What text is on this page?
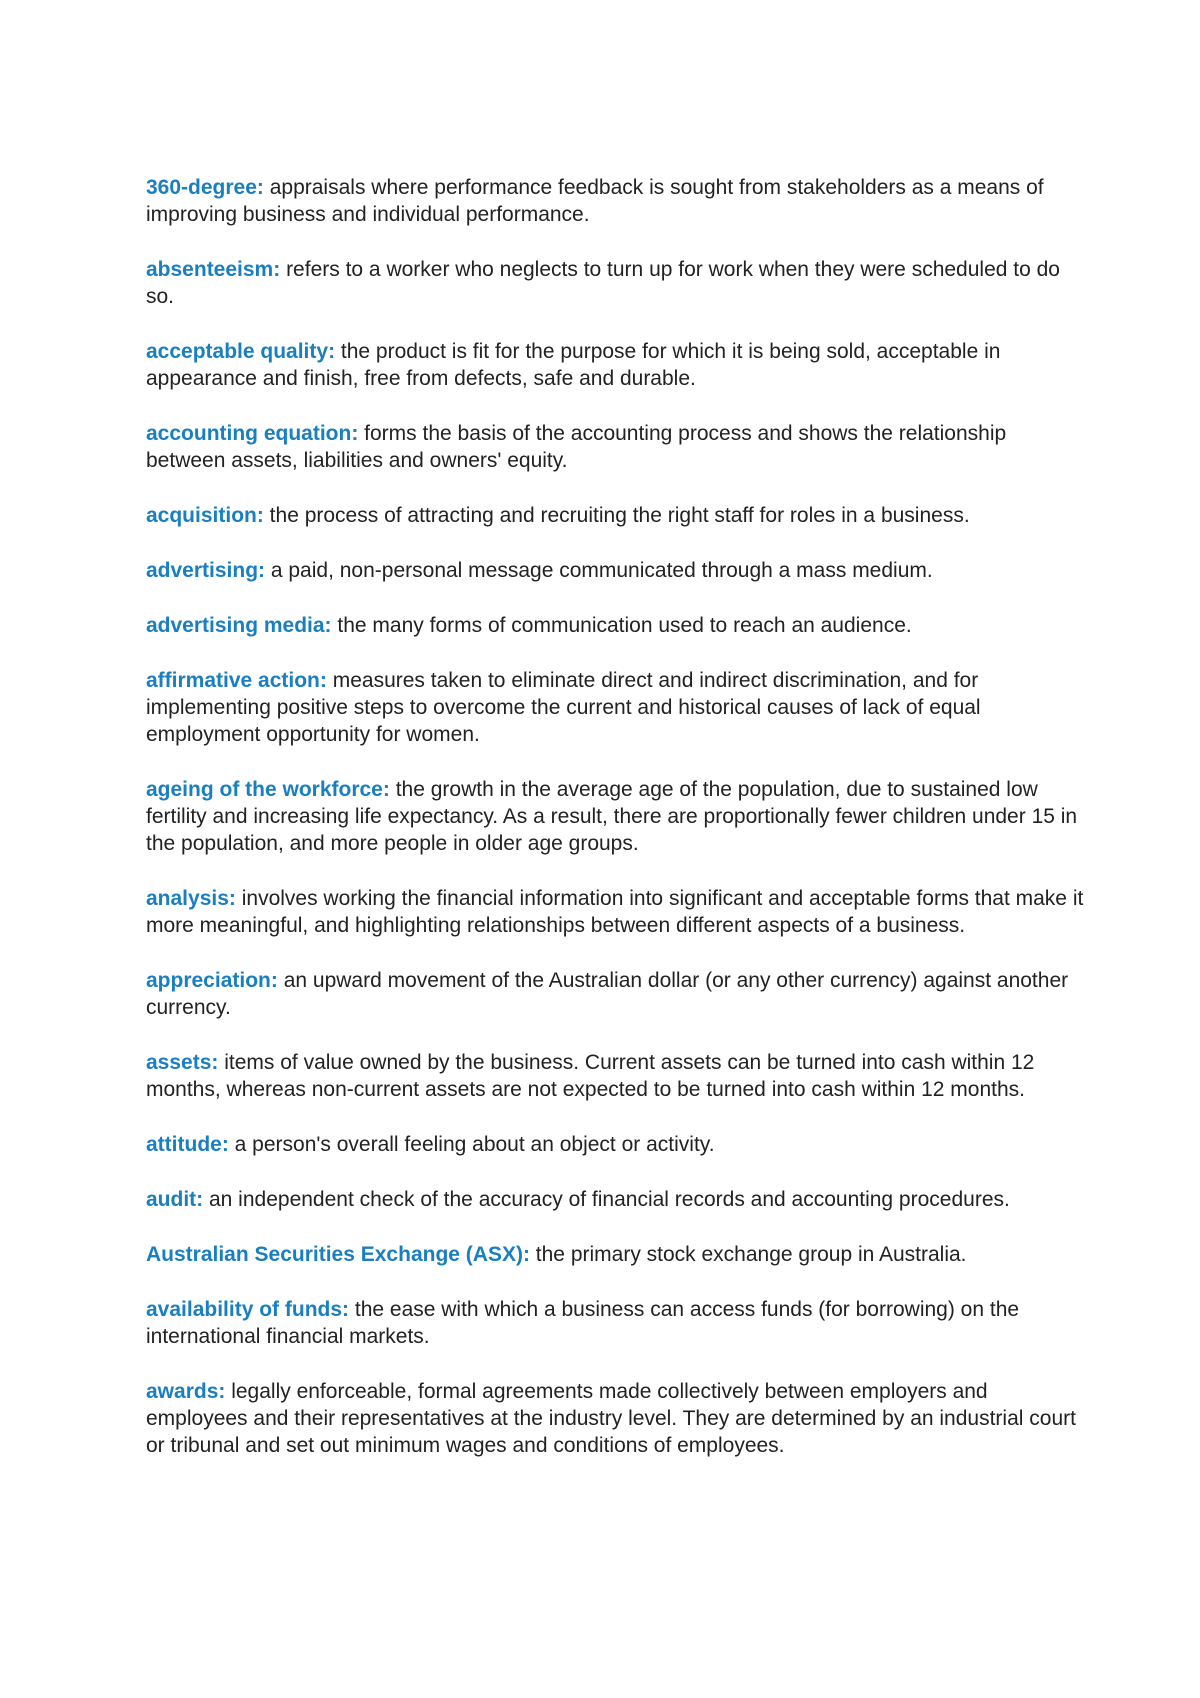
360-degree: appraisals where performance feedback is sought from stakeholders as a means of improving business and individual performance.

absenteeism: refers to a worker who neglects to turn up for work when they were scheduled to do so.

acceptable quality: the product is fit for the purpose for which it is being sold, acceptable in appearance and finish, free from defects, safe and durable.

accounting equation: forms the basis of the accounting process and shows the relationship between assets, liabilities and owners' equity.

acquisition: the process of attracting and recruiting the right staff for roles in a business.

advertising: a paid, non-personal message communicated through a mass medium.

advertising media: the many forms of communication used to reach an audience.

affirmative action: measures taken to eliminate direct and indirect discrimination, and for implementing positive steps to overcome the current and historical causes of lack of equal employment opportunity for women.

ageing of the workforce: the growth in the average age of the population, due to sustained low fertility and increasing life expectancy. As a result, there are proportionally fewer children under 15 in the population, and more people in older age groups.

analysis: involves working the financial information into significant and acceptable forms that make it more meaningful, and highlighting relationships between different aspects of a business.

appreciation: an upward movement of the Australian dollar (or any other currency) against another currency.

assets: items of value owned by the business. Current assets can be turned into cash within 12 months, whereas non-current assets are not expected to be turned into cash within 12 months.

attitude: a person's overall feeling about an object or activity.

audit: an independent check of the accuracy of financial records and accounting procedures.

Australian Securities Exchange (ASX): the primary stock exchange group in Australia.

availability of funds: the ease with which a business can access funds (for borrowing) on the international financial markets.

awards: legally enforceable, formal agreements made collectively between employers and employees and their representatives at the industry level. They are determined by an industrial court or tribunal and set out minimum wages and conditions of employees.
